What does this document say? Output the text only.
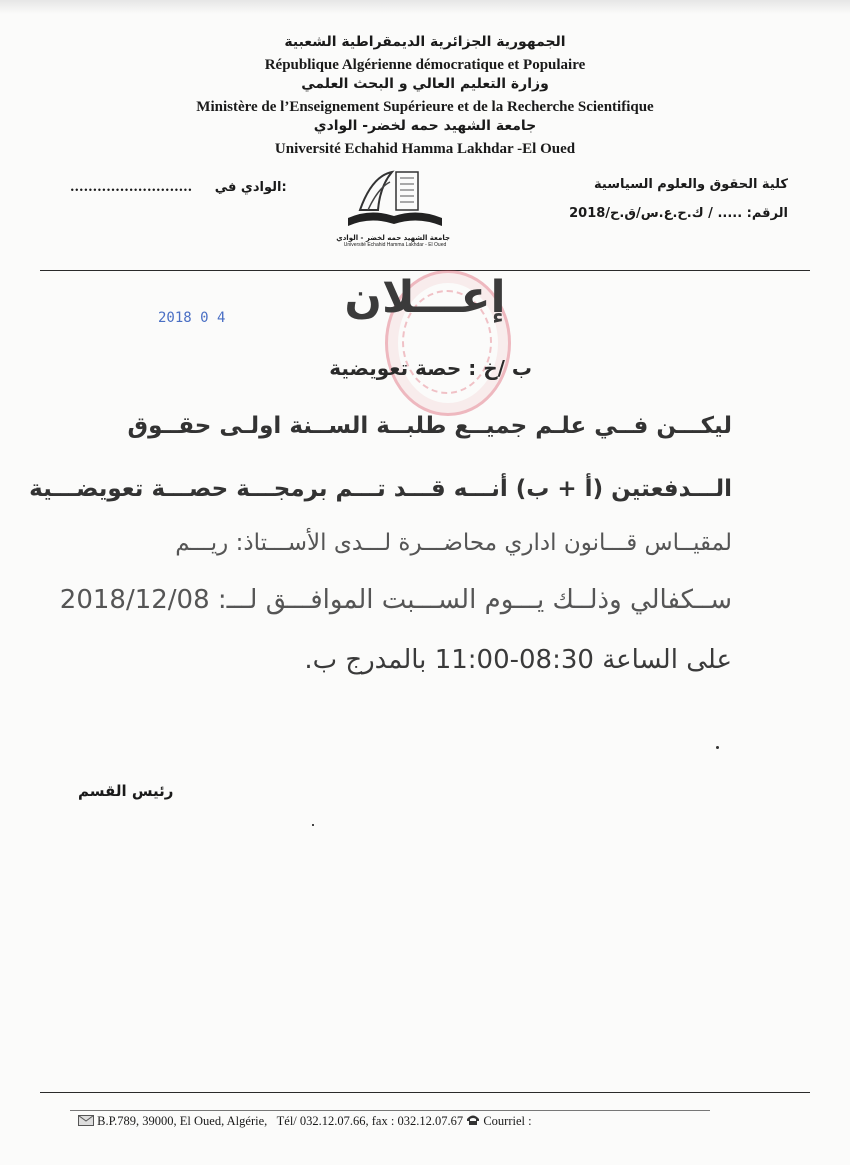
الجمهورية الجزائرية الديمقراطية الشعبية
République Algérienne démocratique et Populaire
وزارة التعليم العالي و البحث العلمي
Ministère de l’Enseignement Supérieure et de la Recherche Scientifique
جامعة الشهيد حمه لخضر- الوادي
Université Echahid Hamma Lakhdar -El Oued
كلية الحقوق والعلوم السياسية
الرقم: ..... / ك.ح.ع.س/ق.ح/2018
........................... الوادي في:
جامعة الشهيد حمه لخضر - الوادي
Université Echahid Hamma Lakhdar - El Oued
2018 0 4	إعـــلان
ب /خ : حصة تعويضية
ليكـــن فــي علـم جميــع طلبــة الســنة اولـى حقــوق
الـــدفعتين (أ + ب) أنـــه قـــد تـــم برمجـــة حصـــة تعويضـــية
لمقيــاس قـــانون اداري محاضـــرة لـــدى الأســـتاذ: ريـــم
ســكفالي وذلــك يـــوم الســـبت الموافـــق لـــ: 2018/12/08
على الساعة 08:30-11:00 بالمدرج ب.
رئيس القسم
B.P.789, 39000, El Oued, Algérie, Tél/ 032.12.07.66, fax : 032.12.07.67 Courriel :
